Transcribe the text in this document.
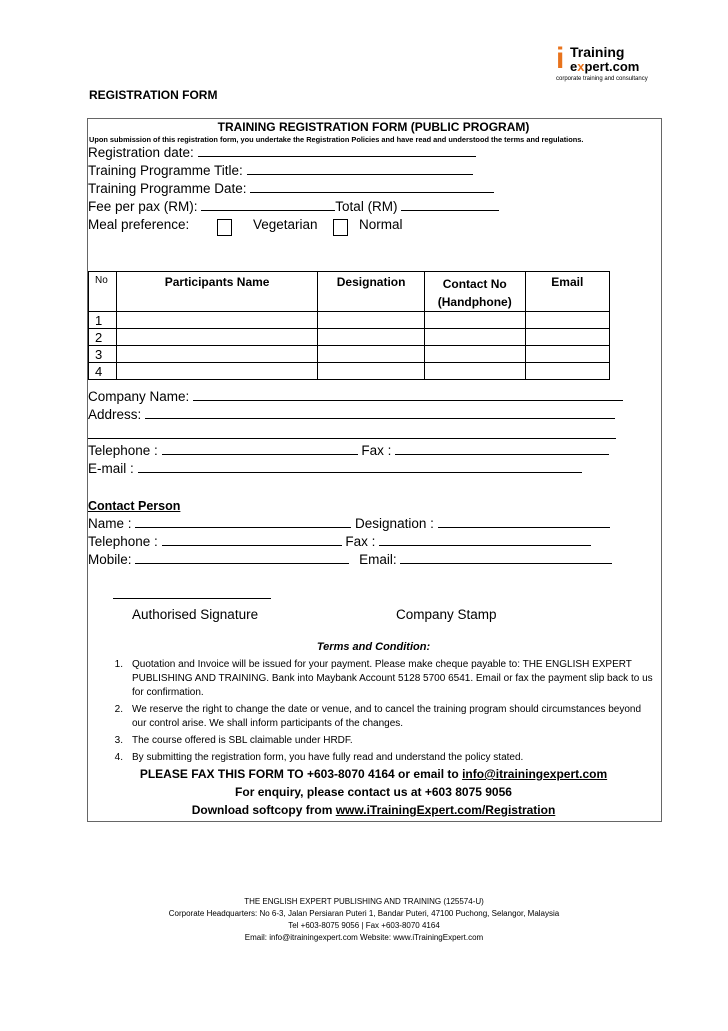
i Training
expert.com
corporate training and consultancy
REGISTRATION FORM
TRAINING REGISTRATION FORM (PUBLIC PROGRAM)
Upon submission of this registration form, you undertake the Registration Policies and have read and understood the terms and regulations.
Registration date:
Training Programme Title:
Training Programme Date:
Fee per pax (RM):	Total (RM)
Meal preference:	Vegetarian	Normal
No	Participants Name	Designation	Contact No (Handphone)	Email
1				
2				
3				
4				
Company Name:
Address:
Telephone :	Fax :
E-mail :
Contact Person
Name :	Designation :
Telephone :	Fax :
Mobile:	Email:
Authorised Signature	Company Stamp
Terms and Condition:
1. Quotation and Invoice will be issued for your payment. Please make cheque payable to: THE ENGLISH EXPERT PUBLISHING AND TRAINING. Bank into Maybank Account 5128 5700 6541. Email or fax the payment slip back to us for confirmation.
2. We reserve the right to change the date or venue, and to cancel the training program should circumstances beyond our control arise. We shall inform participants of the changes.
3. The course offered is SBL claimable under HRDF.
4. By submitting the registration form, you have fully read and understand the policy stated.
PLEASE FAX THIS FORM TO +603-8070 4164 or email to info@itrainingexpert.com
For enquiry, please contact us at +603 8075 9056
Download softcopy from www.iTrainingExpert.com/Registration
THE ENGLISH EXPERT PUBLISHING AND TRAINING (125574-U)
Corporate Headquarters: No 6-3, Jalan Persiaran Puteri 1, Bandar Puteri, 47100 Puchong, Selangor, Malaysia
Tel +603-8075 9056 | Fax +603-8070 4164
Email: info@itrainingexpert.com Website: www.iTrainingExpert.com
